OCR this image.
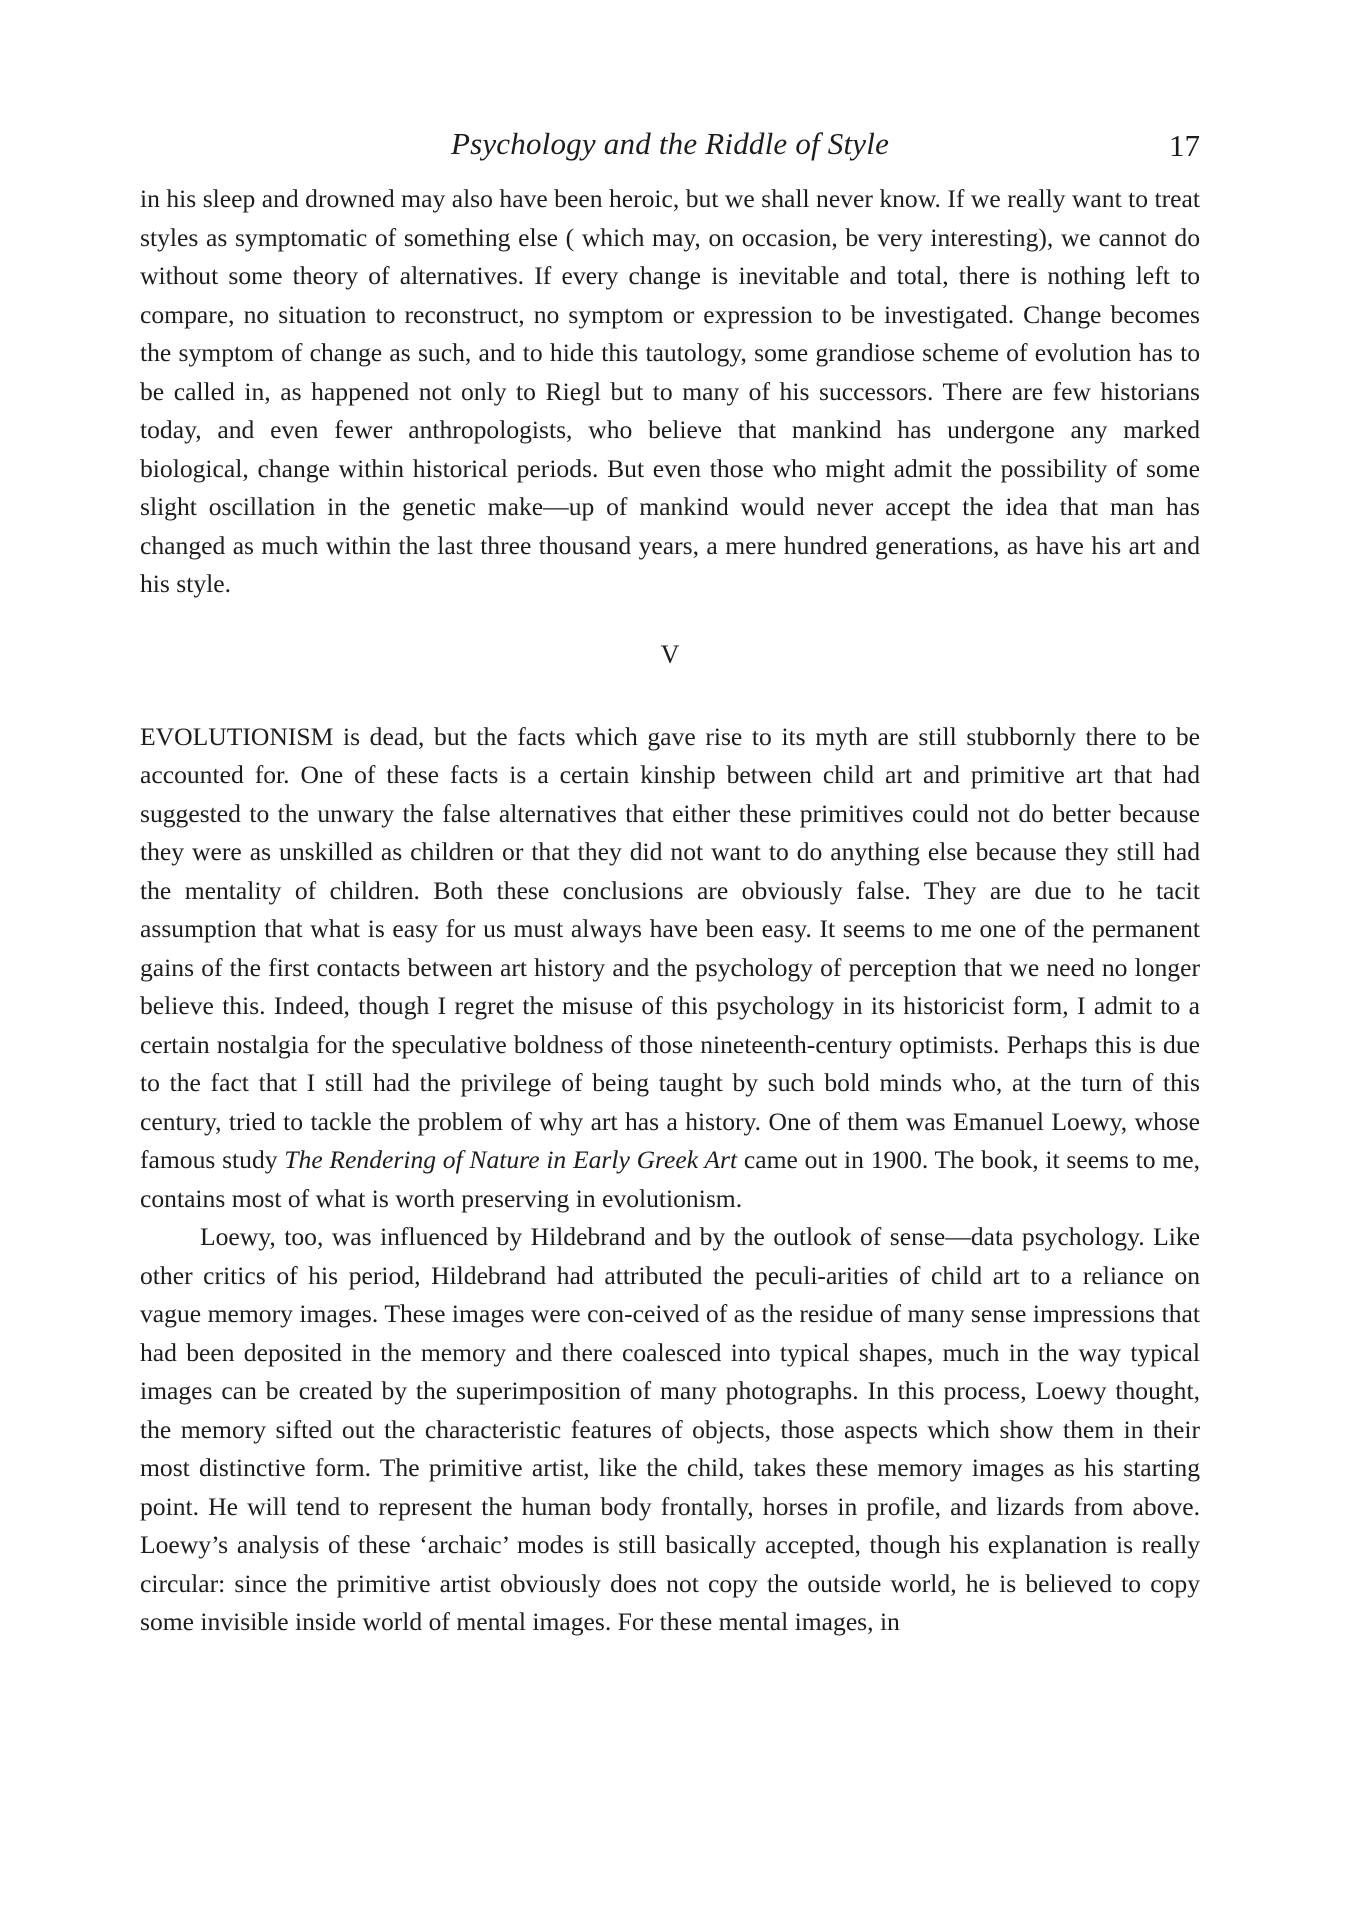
Psychology and the Riddle of Style	17

in his sleep and drowned may also have been heroic, but we shall never know. If we really want to treat styles as symptomatic of something else ( which may, on occasion, be very interesting), we cannot do without some theory of alternatives. If every change is inevitable and total, there is nothing left to compare, no situation to reconstruct, no symptom or expression to be investigated. Change becomes the symptom of change as such, and to hide this tautology, some grandiose scheme of evolution has to be called in, as happened not only to Riegl but to many of his successors. There are few historians today, and even fewer anthropologists, who believe that mankind has undergone any marked biological, change within historical periods. But even those who might admit the possibility of some slight oscillation in the genetic make—up of mankind would never accept the idea that man has changed as much within the last three thousand years, a mere hundred generations, as have his art and his style.

V

EVOLUTIONISM is dead, but the facts which gave rise to its myth are still stubbornly there to be accounted for. One of these facts is a certain kinship between child art and primitive art that had suggested to the unwary the false alternatives that either these primitives could not do better because they were as unskilled as children or that they did not want to do anything else because they still had the mentality of children. Both these conclusions are obviously false. They are due to he tacit assumption that what is easy for us must always have been easy. It seems to me one of the permanent gains of the first contacts between art history and the psychology of perception that we need no longer believe this. Indeed, though I regret the misuse of this psychology in its historicist form, I admit to a certain nostalgia for the speculative boldness of those nineteenth-century optimists. Perhaps this is due to the fact that I still had the privilege of being taught by such bold minds who, at the turn of this century, tried to tackle the problem of why art has a history. One of them was Emanuel Loewy, whose famous study The Rendering of Nature in Early Greek Art came out in 1900. The book, it seems to me, contains most of what is worth preserving in evolutionism.

Loewy, too, was influenced by Hildebrand and by the outlook of sense—data psychology. Like other critics of his period, Hildebrand had attributed the peculi-arities of child art to a reliance on vague memory images. These images were con-ceived of as the residue of many sense impressions that had been deposited in the memory and there coalesced into typical shapes, much in the way typical images can be created by the superimposition of many photographs. In this process, Loewy thought, the memory sifted out the characteristic features of objects, those aspects which show them in their most distinctive form. The primitive artist, like the child, takes these memory images as his starting point. He will tend to represent the human body frontally, horses in profile, and lizards from above. Loewy’s analysis of these ‘archaic’ modes is still basically accepted, though his explanation is really circular: since the primitive artist obviously does not copy the outside world, he is believed to copy some invisible inside world of mental images. For these mental images, in
